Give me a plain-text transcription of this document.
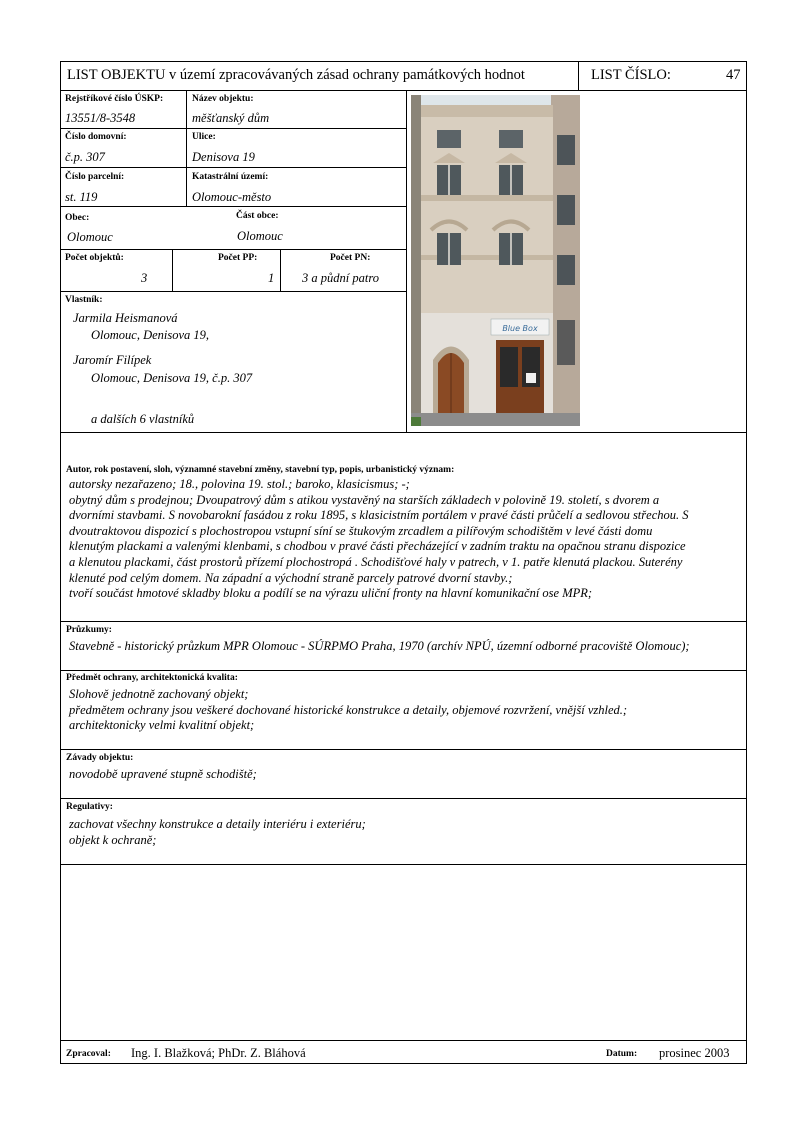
LIST OBJEKTU v území zpracovávaných zásad ochrany památkových hodnot	LIST ČÍSLO:	47
Rejstříkové číslo ÚSKP:
13551/8-3548
Název objektu:
měšťanský dům
Číslo domovní:
č.p. 307
Ulice:
Denisova 19
Číslo parcelní:
st. 119
Katastrální území:
Olomouc-město
Obec:
Olomouc
Část obce:
Olomouc
Počet objektů:
3
Počet PP:
1
Počet PN:
3 a půdní patro
Vlastník:
Jarmila Heismanová
Olomouc, Denisova 19,
Jaromír Filípek
Olomouc, Denisova 19, č.p. 307
a dalších 6 vlastníků
Blue Box
Autor, rok postavení, sloh, významné stavební změny, stavební typ, popis, urbanistický význam:
autorsky nezařazeno; 18., polovina 19. stol.; baroko, klasicismus; -;
obytný dům s prodejnou; Dvoupatrový dům s atikou vystavěný na starších základech v polovině 19. století, s dvorem a
dvorními stavbami. S novobarokní fasádou z roku 1895, s klasicistním portálem v pravé části průčelí a sedlovou střechou. S
dvoutraktovou dispozicí s plochostropou vstupní síní se štukovým zrcadlem a pilířovým schodištěm v levé části domu
klenutým plackami a valenými klenbami, s chodbou v pravé části přecházející v zadním traktu na opačnou stranu dispozice
a klenutou plackami, část prostorů přízemí plochostropá . Schodišťové haly v patrech, v 1. patře klenutá plackou. Suterény
klenuté pod celým domem. Na západní a východní straně parcely patrové dvorní stavby.;
tvoří součást hmotové skladby bloku a podílí se na výrazu uliční fronty na hlavní komunikační ose MPR;
Průzkumy:
Stavebně - historický průzkum MPR Olomouc - SÚRPMO Praha, 1970 (archív NPÚ, územní odborné pracoviště Olomouc);
Předmět ochrany, architektonická kvalita:
Slohově jednotně zachovaný objekt;
předmětem ochrany jsou veškeré dochované historické konstrukce a detaily, objemové rozvržení, vnější vzhled.;
architektonicky velmi kvalitní objekt;
Závady objektu:
novodobě upravené stupně schodiště;
Regulativy:
zachovat všechny konstrukce a detaily interiéru i exteriéru;
objekt k ochraně;
Zpracoval: Ing. I. Blažková; PhDr. Z. Bláhová	Datum: prosinec 2003
